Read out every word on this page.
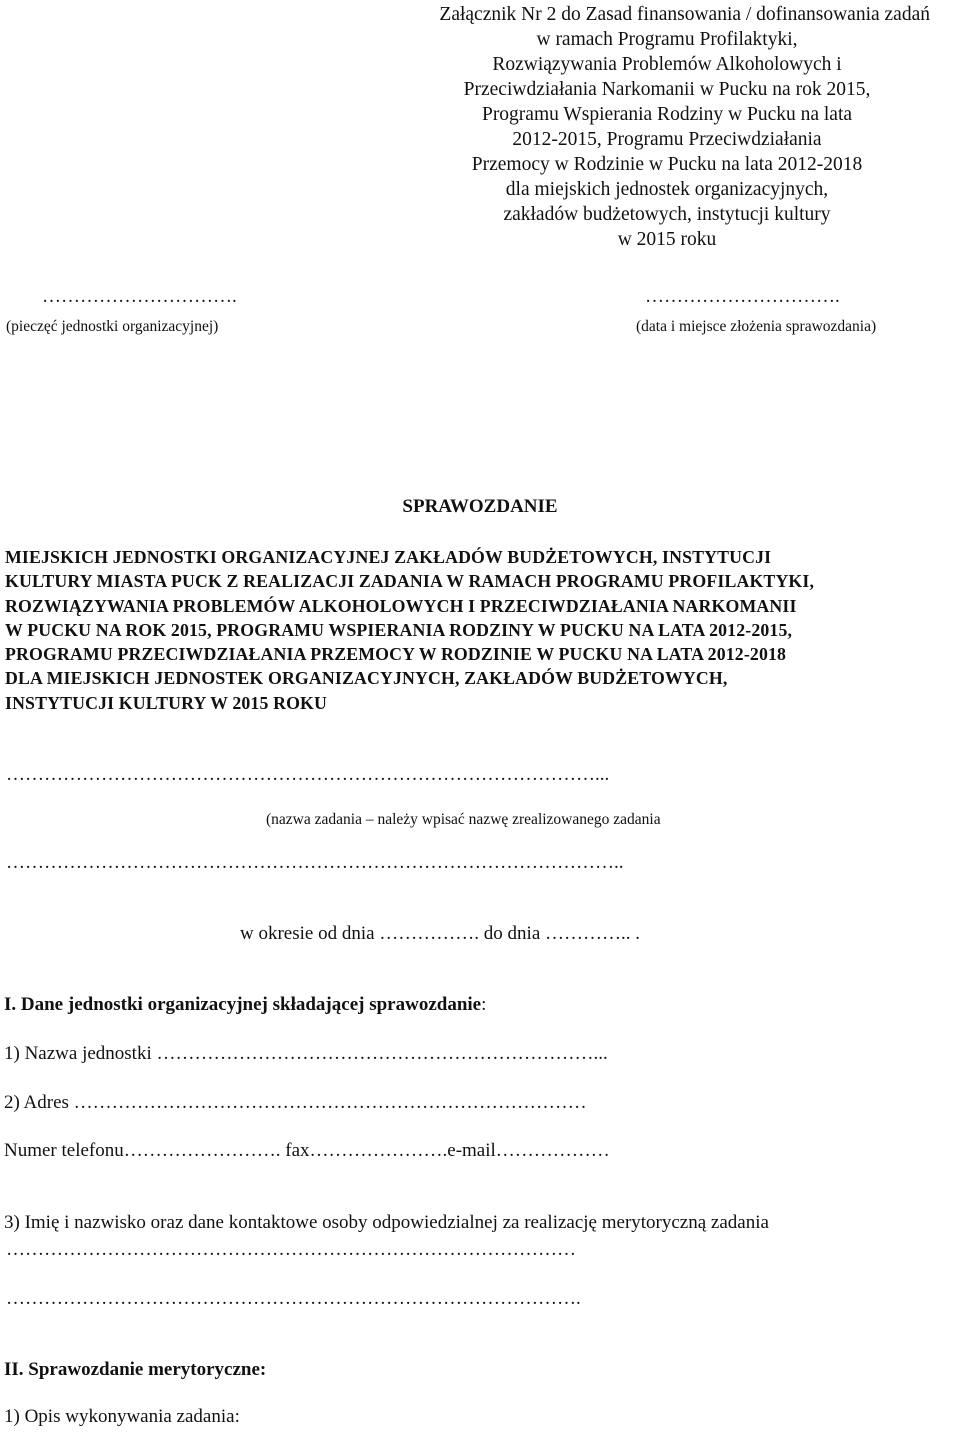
Załącznik Nr 2 do Zasad finansowania / dofinansowania zadań
w ramach Programu Profilaktyki,
Rozwiązywania Problemów Alkoholowych i
Przeciwdziałania Narkomanii w Pucku na rok 2015,
Programu Wspierania Rodziny w Pucku na lata
2012-2015, Programu Przeciwdziałania
Przemocy w Rodzinie w Pucku na lata 2012-2018
dla miejskich jednostek organizacyjnych,
zakładów budżetowych, instytucji kultury
w 2015 roku
………………………….
(pieczęć jednostki organizacyjnej)
………………………….
(data i miejsce złożenia sprawozdania)
SPRAWOZDANIE
MIEJSKICH JEDNOSTKI ORGANIZACYJNEJ ZAKŁADÓW BUDŻETOWYCH, INSTYTUCJI
KULTURY MIASTA PUCK Z REALIZACJI ZADANIA W RAMACH PROGRAMU PROFILAKTYKI,
ROZWIĄZYWANIA PROBLEMÓW ALKOHOLOWYCH I PRZECIWDZIAŁANIA NARKOMANII
W PUCKU NA ROK 2015, PROGRAMU WSPIERANIA RODZINY W PUCKU NA LATA 2012-2015,
PROGRAMU PRZECIWDZIAŁANIA PRZEMOCY W RODZINIE W PUCKU NA LATA 2012-2018
DLA MIEJSKICH JEDNOSTEK ORGANIZACYJNYCH, ZAKŁADÓW BUDŻETOWYCH,
INSTYTUCJI KULTURY W 2015 ROKU
…………………………………………………………………………………...
(nazwa zadania – należy wpisać nazwę zrealizowanego zadania
……………………………………………………………………………………..
w okresie od dnia ……………. do dnia ………….. .
I. Dane jednostki organizacyjnej składającej sprawozdanie:
1) Nazwa jednostki ……………………………………………………………...
2) Adres ………………………………………………………………………
Numer telefonu……………………. fax………………….e-mail………………
3) Imię i nazwisko oraz dane kontaktowe osoby odpowiedzialnej za realizację merytoryczną zadania
………………………………………………………………………………
……………………………………………………………………………….
II. Sprawozdanie merytoryczne:
1) Opis wykonywania zadania:
